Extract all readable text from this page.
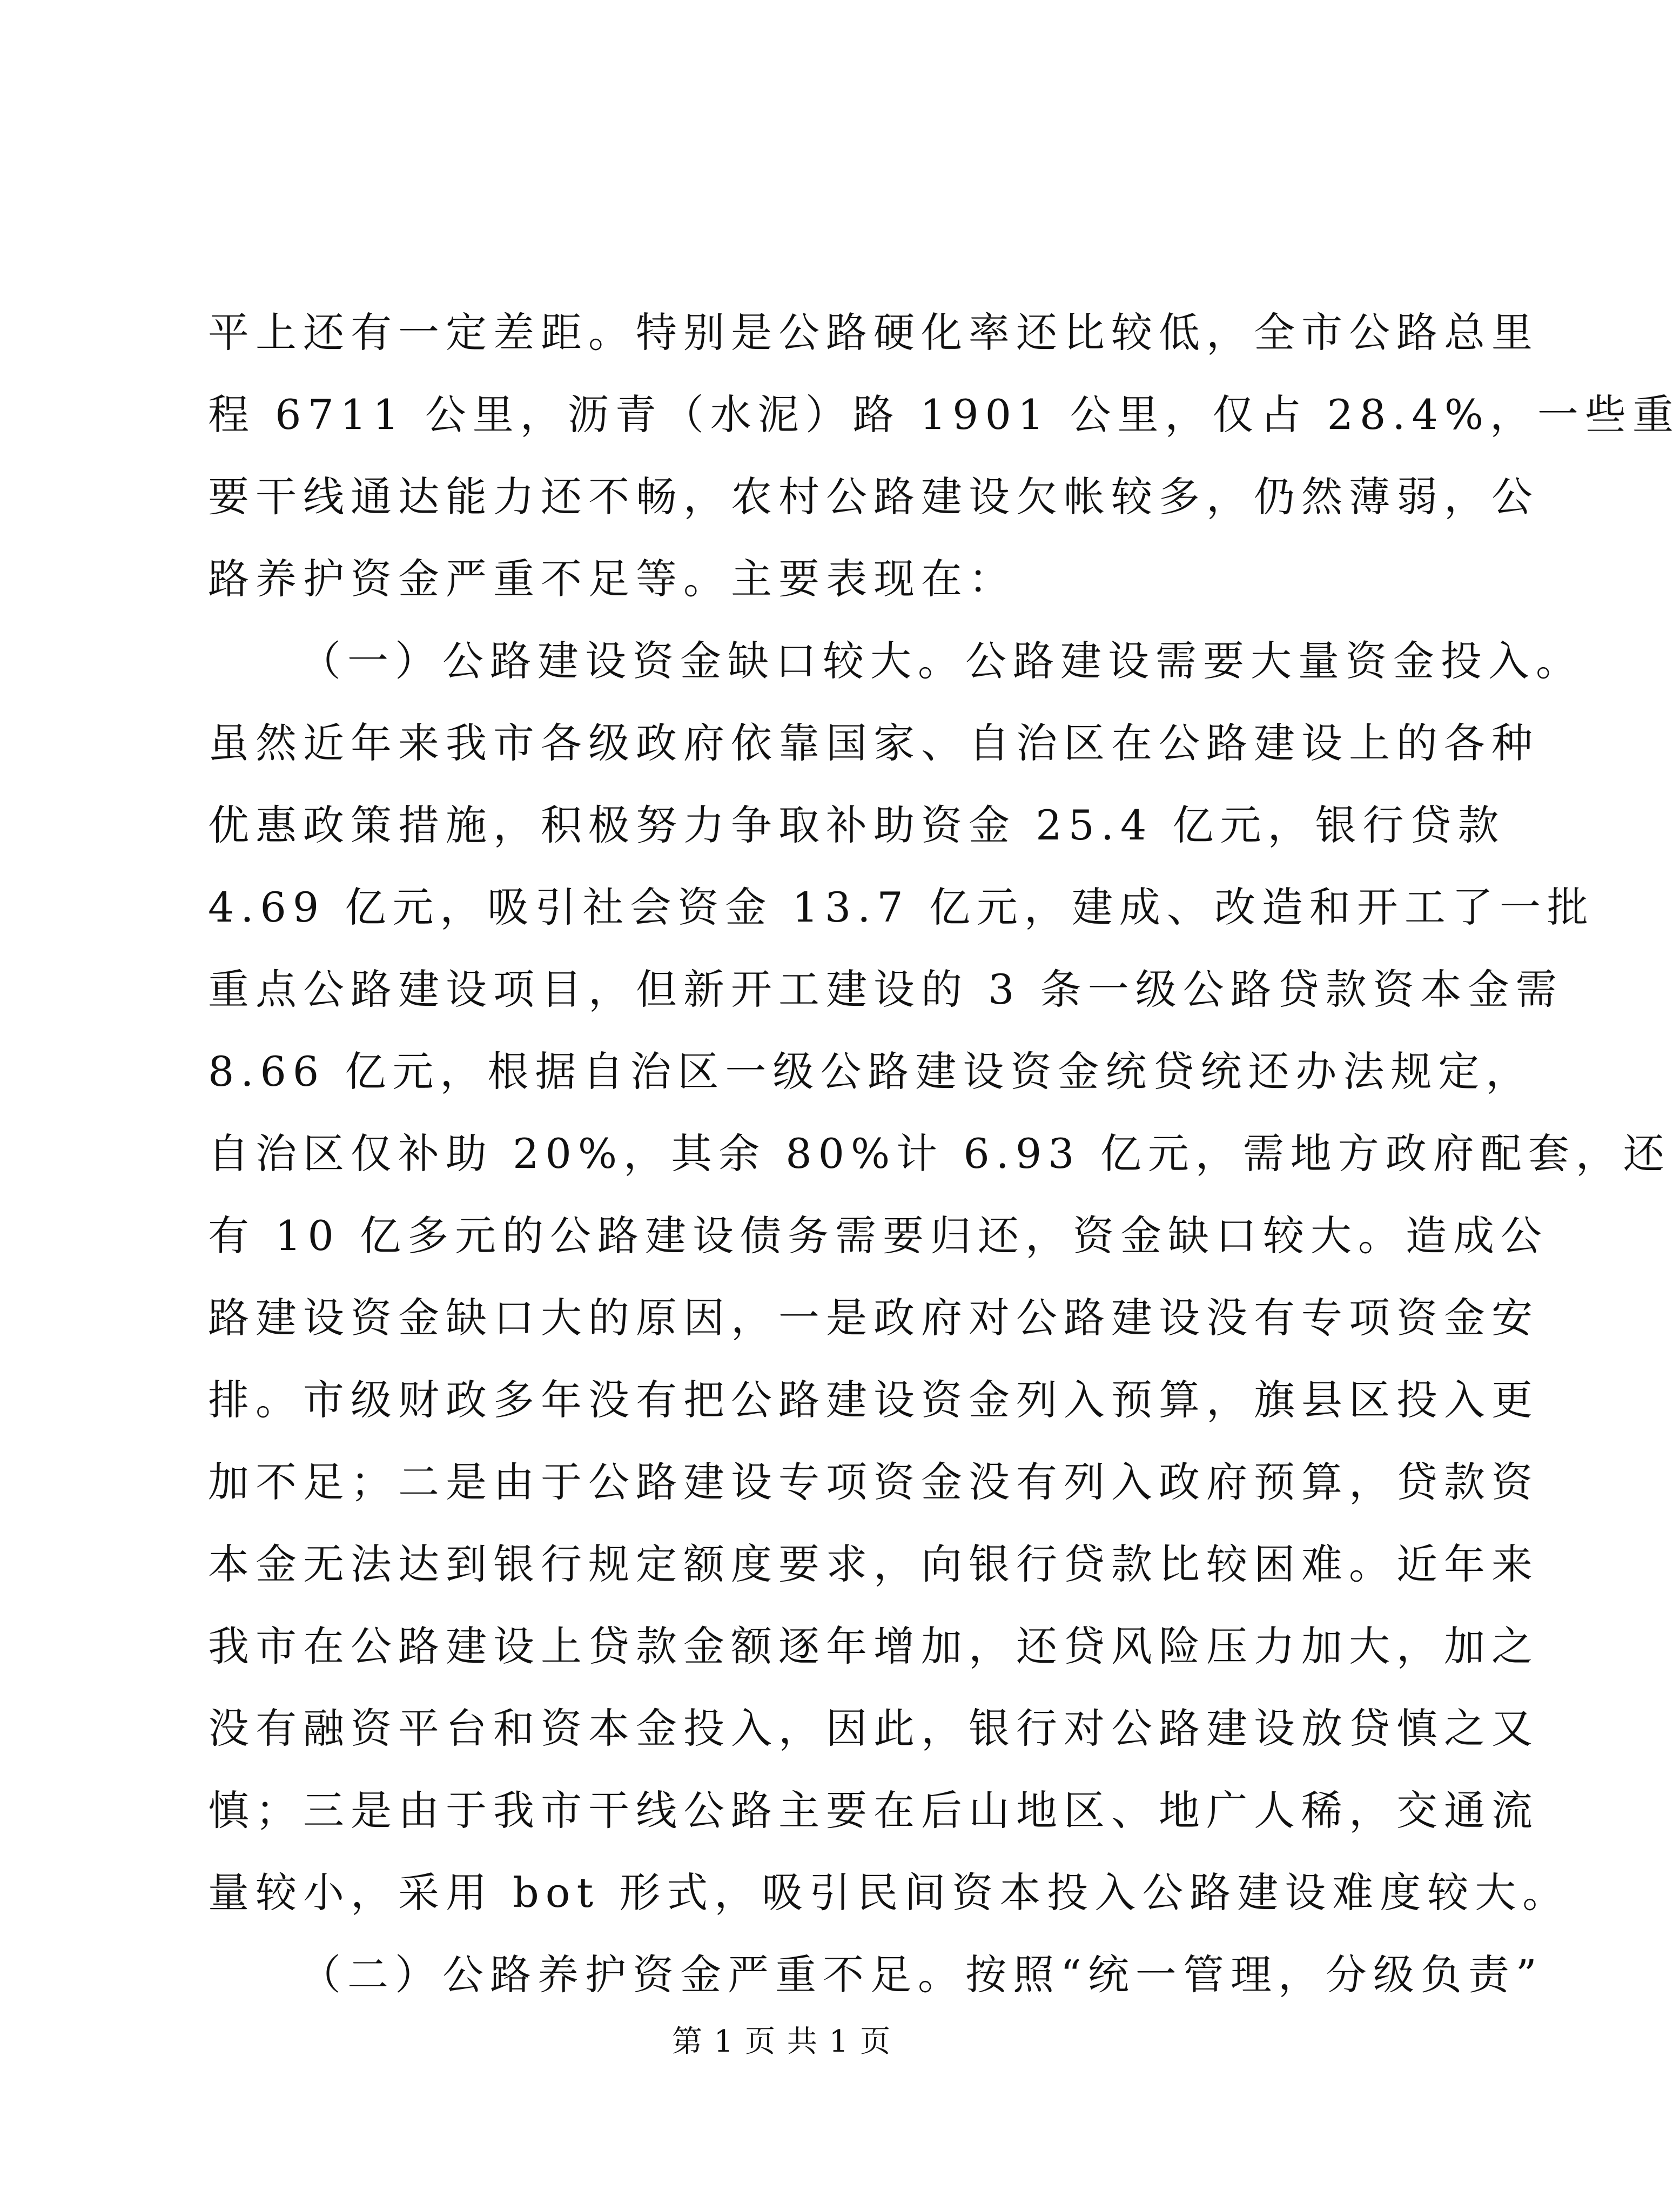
平上还有一定差距。特别是公路硬化率还比较低，全市公路总里
程 6711 公里，沥青（水泥）路 1901 公里，仅占 28.4%，一些重
要干线通达能力还不畅，农村公路建设欠帐较多，仍然薄弱，公
路养护资金严重不足等。主要表现在：
（一）公路建设资金缺口较大。公路建设需要大量资金投入。
虽然近年来我市各级政府依靠国家、自治区在公路建设上的各种
优惠政策措施，积极努力争取补助资金 25.4 亿元，银行贷款
4.69 亿元，吸引社会资金 13.7 亿元，建成、改造和开工了一批
重点公路建设项目，但新开工建设的 3 条一级公路贷款资本金需
8.66 亿元，根据自治区一级公路建设资金统贷统还办法规定，
自治区仅补助 20%，其余 80%计 6.93 亿元，需地方政府配套，还
有 10 亿多元的公路建设债务需要归还，资金缺口较大。造成公
路建设资金缺口大的原因，一是政府对公路建设没有专项资金安
排。市级财政多年没有把公路建设资金列入预算，旗县区投入更
加不足；二是由于公路建设专项资金没有列入政府预算，贷款资
本金无法达到银行规定额度要求，向银行贷款比较困难。近年来
我市在公路建设上贷款金额逐年增加，还贷风险压力加大，加之
没有融资平台和资本金投入，因此，银行对公路建设放贷慎之又
慎；三是由于我市干线公路主要在后山地区、地广人稀，交通流
量较小，采用 bot 形式，吸引民间资本投入公路建设难度较大。
（二）公路养护资金严重不足。按照“统一管理，分级负责”
第 1 页 共 1 页
